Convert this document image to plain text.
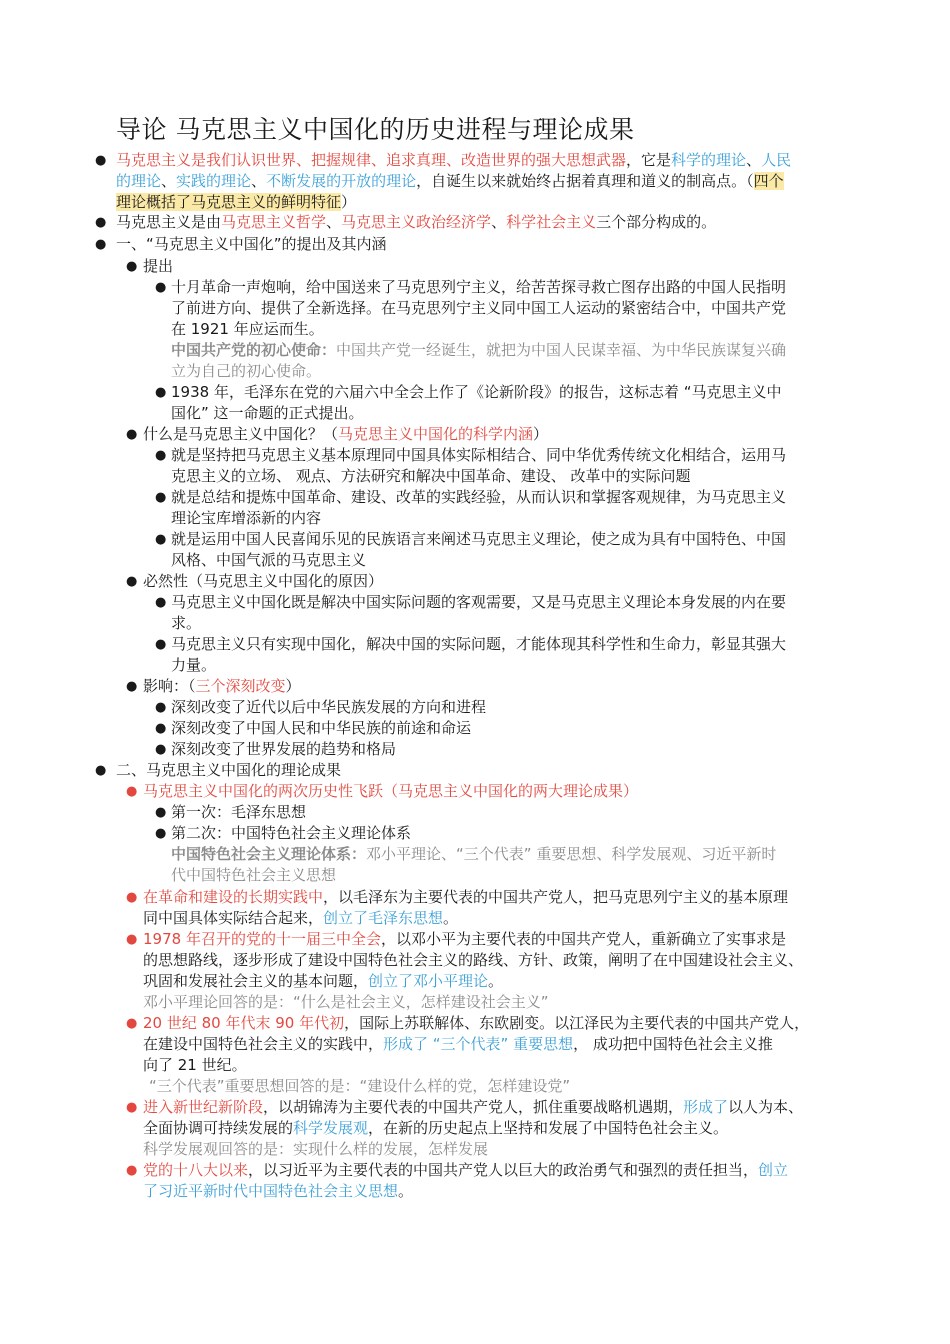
导论 马克思主义中国化的历史进程与理论成果
● 马克思主义是我们认识世界、把握规律、追求真理、改造世界的强大思想武器，它是科学的理论、人民
的理论、实践的理论、不断发展的开放的理论，自诞生以来就始终占据着真理和道义的制高点。（四个
理论概括了马克思主义的鲜明特征）
● 马克思主义是由马克思主义哲学、马克思主义政治经济学、科学社会主义三个部分构成的。
● 一、“马克思主义中国化”的提出及其内涵
● 提出
● 十月革命一声炮响，给中国送来了马克思列宁主义，给苦苦探寻救亡图存出路的中国人民指明
了前进方向、提供了全新选择。在马克思列宁主义同中国工人运动的紧密结合中，中国共产党
在 1921 年应运而生。
中国共产党的初心使命：中国共产党一经诞生，就把为中国人民谋幸福、为中华民族谋复兴确
立为自己的初心使命。
● 1938 年，毛泽东在党的六届六中全会上作了《论新阶段》的报告，这标志着 “马克思主义中
国化” 这一命题的正式提出。
● 什么是马克思主义中国化？（马克思主义中国化的科学内涵）
● 就是坚持把马克思主义基本原理同中国具体实际相结合、同中华优秀传统文化相结合，运用马
克思主义的立场、 观点、方法研究和解决中国革命、建设、 改革中的实际问题
● 就是总结和提炼中国革命、建设、改革的实践经验，从而认识和掌握客观规律，为马克思主义
理论宝库增添新的内容
● 就是运用中国人民喜闻乐见的民族语言来阐述马克思主义理论，使之成为具有中国特色、中国
风格、中国气派的马克思主义
● 必然性（马克思主义中国化的原因）
● 马克思主义中国化既是解决中国实际问题的客观需要，又是马克思主义理论本身发展的内在要
求。
● 马克思主义只有实现中国化，解决中国的实际问题，才能体现其科学性和生命力，彰显其强大
力量。
● 影响：（三个深刻改变）
● 深刻改变了近代以后中华民族发展的方向和进程
● 深刻改变了中国人民和中华民族的前途和命运
● 深刻改变了世界发展的趋势和格局
● 二、马克思主义中国化的理论成果
● 马克思主义中国化的两次历史性飞跃（马克思主义中国化的两大理论成果）
● 第一次：毛泽东思想
● 第二次：中国特色社会主义理论体系
中国特色社会主义理论体系：邓小平理论、“三个代表” 重要思想、科学发展观、习近平新时
代中国特色社会主义思想
● 在革命和建设的长期实践中，以毛泽东为主要代表的中国共产党人，把马克思列宁主义的基本原理
同中国具体实际结合起来，创立了毛泽东思想。
● 1978 年召开的党的十一届三中全会，以邓小平为主要代表的中国共产党人，重新确立了实事求是
的思想路线，逐步形成了建设中国特色社会主义的路线、方针、政策，阐明了在中国建设社会主义、
巩固和发展社会主义的基本问题，创立了邓小平理论。
邓小平理论回答的是：“什么是社会主义，怎样建设社会主义”
● 20 世纪 80 年代末 90 年代初，国际上苏联解体、东欧剧变。以江泽民为主要代表的中国共产党人，
在建设中国特色社会主义的实践中，形成了 “三个代表” 重要思想， 成功把中国特色社会主义推
向了 21 世纪。
“三个代表”重要思想回答的是：“建设什么样的党，怎样建设党”
● 进入新世纪新阶段，以胡锦涛为主要代表的中国共产党人，抓住重要战略机遇期，形成了以人为本、
全面协调可持续发展的科学发展观，在新的历史起点上坚持和发展了中国特色社会主义。
科学发展观回答的是：实现什么样的发展，怎样发展
● 党的十八大以来，以习近平为主要代表的中国共产党人以巨大的政治勇气和强烈的责任担当，创立
了习近平新时代中国特色社会主义思想。
